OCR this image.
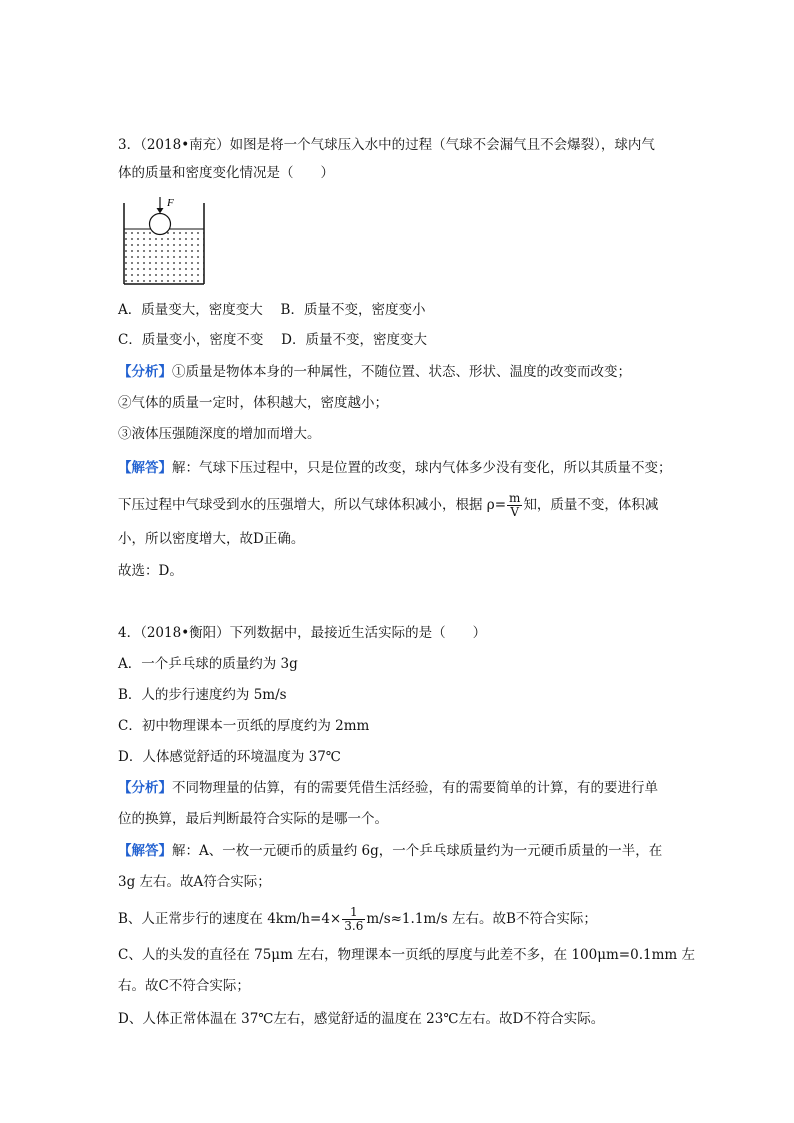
3．（2018•南充）如图是将一个气球压入水中的过程（气球不会漏气且不会爆裂），球内气
体的质量和密度变化情况是（　　）
F
A．质量变大，密度变大　 B．质量不变，密度变小
C．质量变小，密度不变　 D．质量不变，密度变大
【分析】①质量是物体本身的一种属性，不随位置、状态、形状、温度的改变而改变；
②气体的质量一定时，体积越大，密度越小；
③液体压强随深度的增加而增大。
【解答】解：气球下压过程中，只是位置的改变，球内气体多少没有变化，所以其质量不变；
下压过程中气球受到水的压强增大，所以气球体积减小，根据 $\rho= \frac{m}{V}$ 知，质量不变，体积减
小，所以密度增大，故D正确。
故选：D。
4．（2018•衡阳）下列数据中，最接近生活实际的是（　　）
A．一个乒乓球的质量约为 3g
B．人的步行速度约为 5m/s
C．初中物理课本一页纸的厚度约为 2mm
D．人体感觉舒适的环境温度为 37℃
【分析】不同物理量的估算，有的需要凭借生活经验，有的需要简单的计算，有的要进行单
位的换算，最后判断最符合实际的是哪一个。
【解答】解：A、一枚一元硬币的质量约 6g，一个乒乓球质量约为一元硬币质量的一半，在
3g 左右。故A符合实际；
B、人正常步行的速度在 $4km/h=4\times \frac{1}{3.6} m/s\approx 1.1m/s$ 左右。故B不符合实际；
C、人的头发的直径在 75μm 左右，物理课本一页纸的厚度与此差不多，在 100μm=0.1mm 左
右。故C不符合实际；
D、人体正常体温在 37℃左右，感觉舒适的温度在 23℃左右。故D不符合实际。
